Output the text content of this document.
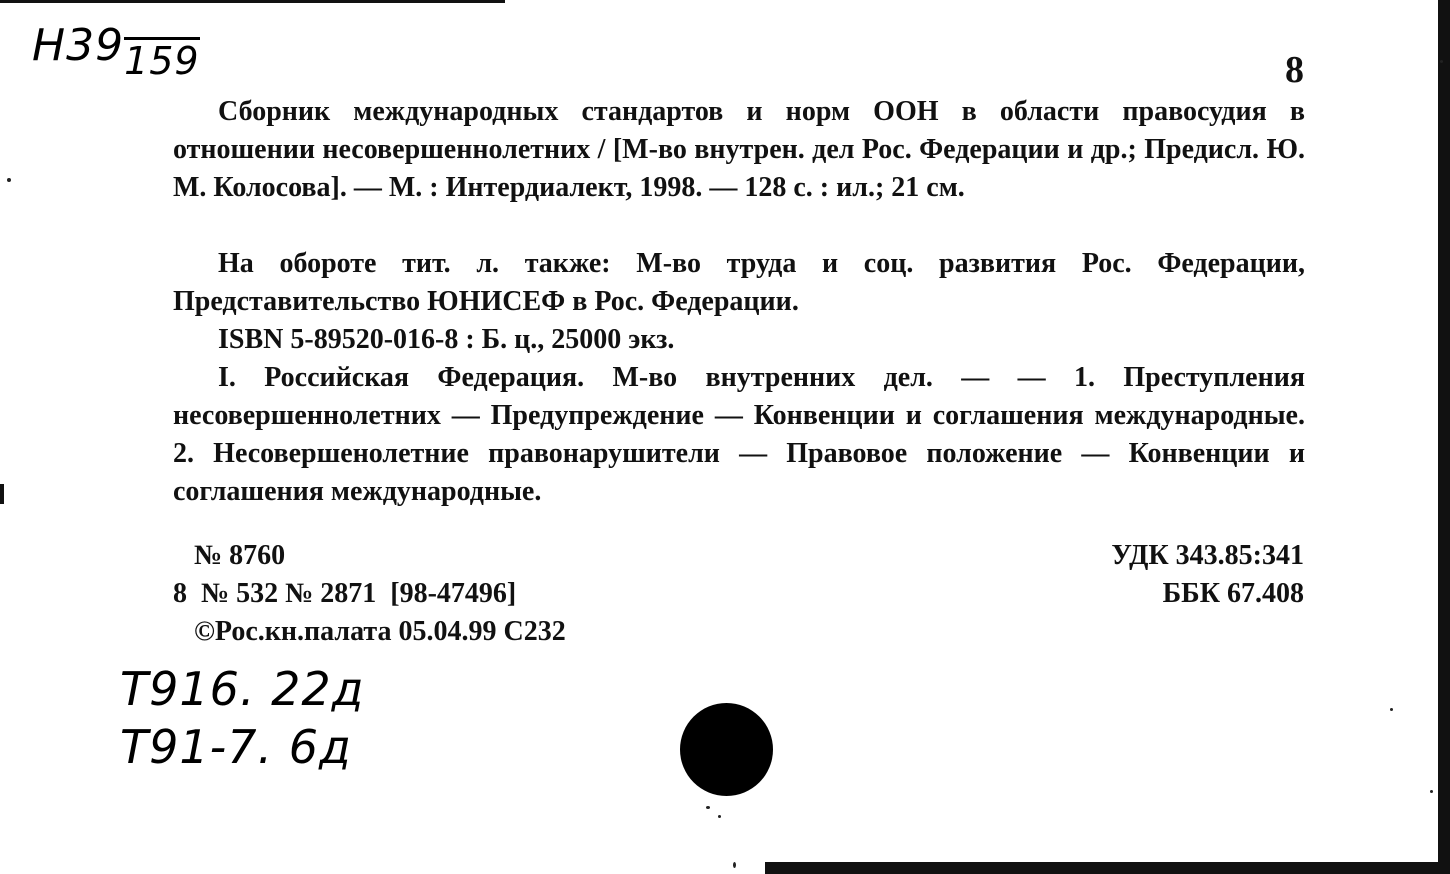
Н39159	8

Сборник международных стандартов и норм ООН в области правосудия в отношении несовершеннолетних / [М-во внутрен. дел Рос. Федерации и др.; Предисл. Ю. М. Колосова]. — М. : Интердиалект, 1998. — 128 с. : ил.; 21 см.

На обороте тит. л. также: М-во труда и соц. развития Рос. Федерации, Представительство ЮНИСЕФ в Рос. Федерации.

ISBN 5-89520-016-8 : Б. ц., 25000 экз.

I. Российская Федерация. М-во внутренних дел. — — 1. Преступления несовершеннолетних — Предупреждение — Конвенции и соглашения международные. 2. Несовершенолетние правонарушители — Правовое положение — Конвенции и соглашения международные.

№ 8760
8  № 532 № 2871  [98-47496]
©Рос.кн.палата 05.04.99 С232
УДК 343.85:341
ББК 67.408
Т916. 22д
Т91-7. 6д
